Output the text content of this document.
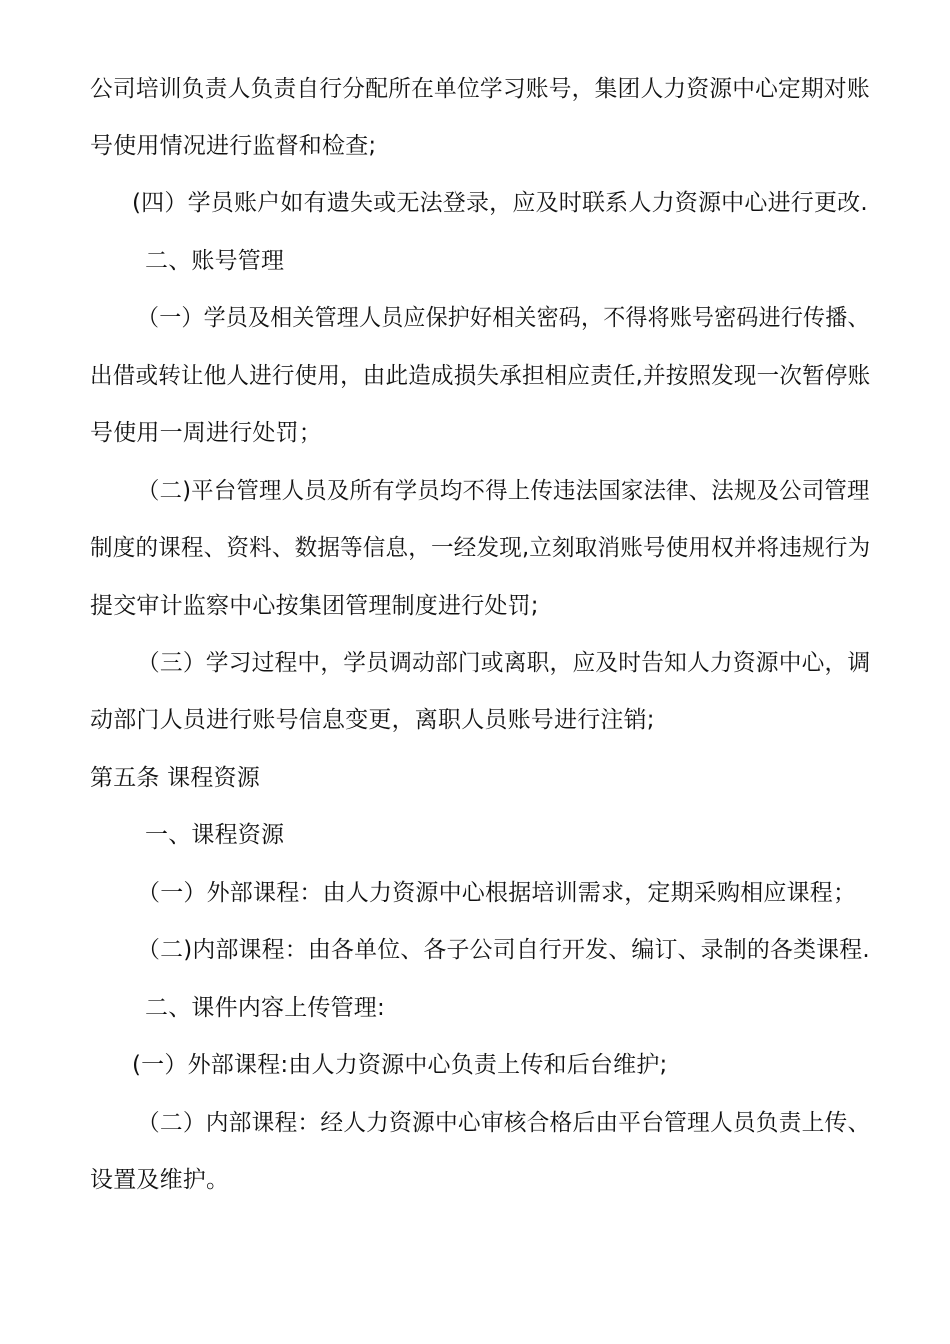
公司培训负责人负责自行分配所在单位学习账号，集团人力资源中心定期对账
号使用情况进行监督和检查;
(四）学员账户如有遗失或无法登录，应及时联系人力资源中心进行更改.
二、账号管理
（一）学员及相关管理人员应保护好相关密码，不得将账号密码进行传播、
出借或转让他人进行使用，由此造成损失承担相应责任,并按照发现一次暂停账
号使用一周进行处罚；
（二)平台管理人员及所有学员均不得上传违法国家法律、法规及公司管理
制度的课程、资料、数据等信息，一经发现,立刻取消账号使用权并将违规行为
提交审计监察中心按集团管理制度进行处罚;
（三）学习过程中，学员调动部门或离职，应及时告知人力资源中心，调
动部门人员进行账号信息变更，离职人员账号进行注销;
第五条 课程资源
一、课程资源
（一）外部课程：由人力资源中心根据培训需求，定期采购相应课程；
（二)内部课程：由各单位、各子公司自行开发、编订、录制的各类课程.
二、课件内容上传管理:
(一）外部课程:由人力资源中心负责上传和后台维护;
（二）内部课程：经人力资源中心审核合格后由平台管理人员负责上传、
设置及维护。
